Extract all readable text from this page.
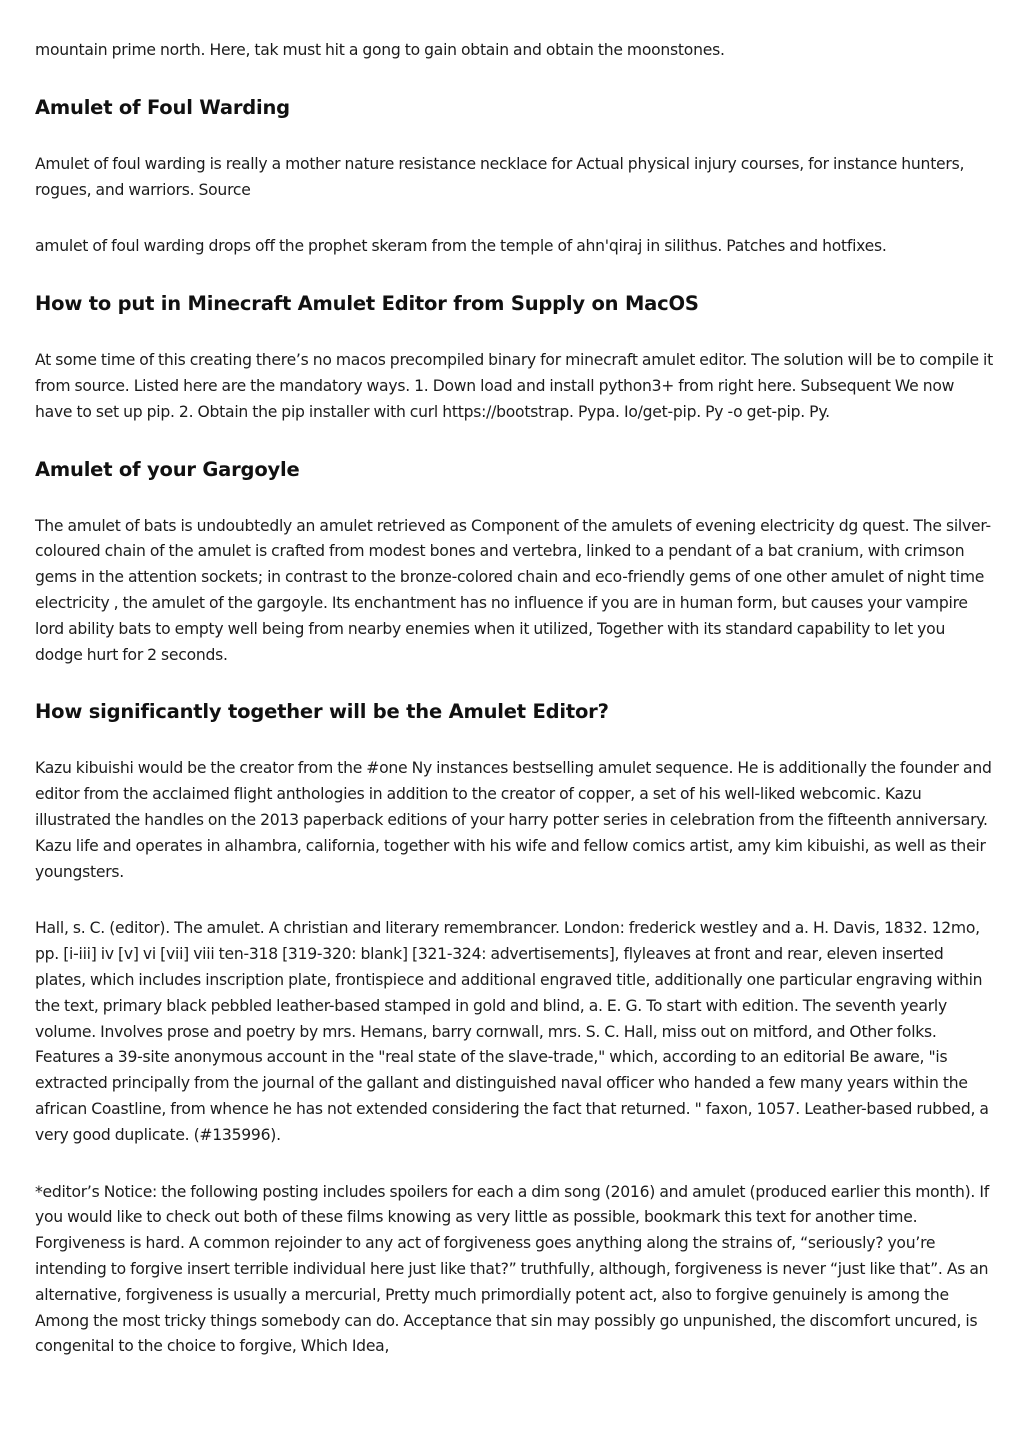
mountain prime north. Here, tak must hit a gong to gain obtain and obtain the moonstones.

Amulet of Foul Warding

Amulet of foul warding is really a mother nature resistance necklace for Actual physical injury courses, for instance hunters, rogues, and warriors. Source

amulet of foul warding drops off the prophet skeram from the temple of ahn'qiraj in silithus. Patches and hotfixes.

How to put in Minecraft Amulet Editor from Supply on MacOS

At some time of this creating there’s no macos precompiled binary for minecraft amulet editor. The solution will be to compile it from source. Listed here are the mandatory ways. 1. Down load and install python3+ from right here. Subsequent We now have to set up pip. 2. Obtain the pip installer with curl https://bootstrap. Pypa. Io/get-pip. Py -o get-pip. Py.

Amulet of your Gargoyle

The amulet of bats is undoubtedly an amulet retrieved as Component of the amulets of evening electricity dg quest. The silver-coloured chain of the amulet is crafted from modest bones and vertebra, linked to a pendant of a bat cranium, with crimson gems in the attention sockets; in contrast to the bronze-colored chain and eco-friendly gems of one other amulet of night time electricity , the amulet of the gargoyle. Its enchantment has no influence if you are in human form, but causes your vampire lord ability bats to empty well being from nearby enemies when it utilized, Together with its standard capability to let you dodge hurt for 2 seconds.

How significantly together will be the Amulet Editor?

Kazu kibuishi would be the creator from the #one Ny instances bestselling amulet sequence. He is additionally the founder and editor from the acclaimed flight anthologies in addition to the creator of copper, a set of his well-liked webcomic. Kazu illustrated the handles on the 2013 paperback editions of your harry potter series in celebration from the fifteenth anniversary. Kazu life and operates in alhambra, california, together with his wife and fellow comics artist, amy kim kibuishi, as well as their youngsters.

Hall, s. C. (editor). The amulet. A christian and literary remembrancer. London: frederick westley and a. H. Davis, 1832. 12mo, pp. [i-iii] iv [v] vi [vii] viii ten-318 [319-320: blank] [321-324: advertisements], flyleaves at front and rear, eleven inserted plates, which includes inscription plate, frontispiece and additional engraved title, additionally one particular engraving within the text, primary black pebbled leather-based stamped in gold and blind, a. E. G. To start with edition. The seventh yearly volume. Involves prose and poetry by mrs. Hemans, barry cornwall, mrs. S. C. Hall, miss out on mitford, and Other folks. Features a 39-site anonymous account in the "real state of the slave-trade," which, according to an editorial Be aware, "is extracted principally from the journal of the gallant and distinguished naval officer who handed a few many years within the african Coastline, from whence he has not extended considering the fact that returned. " faxon, 1057. Leather-based rubbed, a very good duplicate. (#135996).

*editor’s Notice: the following posting includes spoilers for each a dim song (2016) and amulet (produced earlier this month). If you would like to check out both of these films knowing as very little as possible, bookmark this text for another time. Forgiveness is hard. A common rejoinder to any act of forgiveness goes anything along the strains of, “seriously? you’re intending to forgive insert terrible individual here just like that?” truthfully, although, forgiveness is never “just like that”. As an alternative, forgiveness is usually a mercurial, Pretty much primordially potent act, also to forgive genuinely is among the Among the most tricky things somebody can do. Acceptance that sin may possibly go unpunished, the discomfort uncured, is congenital to the choice to forgive, Which Idea,
